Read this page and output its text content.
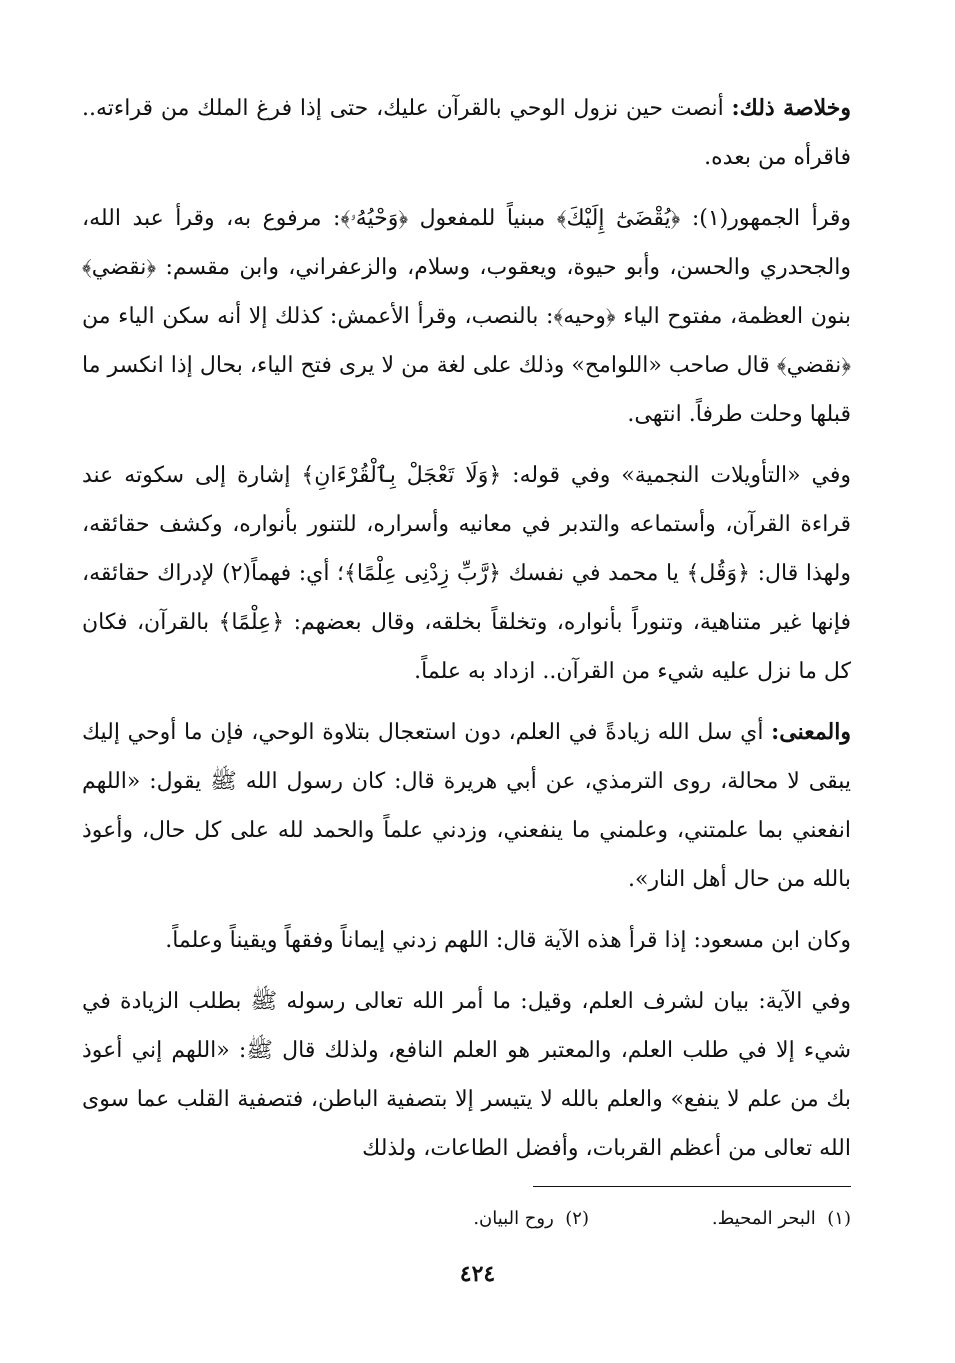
وخلاصة ذلك: أنصت حين نزول الوحي بالقرآن عليك، حتى إذا فرغ الملك من قراءته.. فاقرأه من بعده.

وقرأ الجمهور(١): ﴿يُقْضَىٰٓ إِلَيْكَ﴾ مبنياً للمفعول ﴿وَحْيُهُۥ﴾: مرفوع به، وقرأ عبد الله، والجحدري والحسن، وأبو حيوة، ويعقوب، وسلام، والزعفراني، وابن مقسم: ﴿نقضي﴾ بنون العظمة، مفتوح الياء ﴿وحيه﴾: بالنصب، وقرأ الأعمش: كذلك إلا أنه سكن الياء من ﴿نقضي﴾ قال صاحب «اللوامح» وذلك على لغة من لا يرى فتح الياء، بحال إذا انكسر ما قبلها وحلت طرفاً. انتهى.

وفي «التأويلات النجمية» وفي قوله: ﴿وَلَا تَعْجَلْ بِٱلْقُرْءَانِ﴾ إشارة إلى سكوته عند قراءة القرآن، وأستماعه والتدبر في معانيه وأسراره، للتنور بأنواره، وكشف حقائقه، ولهذا قال: ﴿وَقُل﴾ يا محمد في نفسك ﴿رَّبِّ زِدْنِى عِلْمًا﴾؛ أي: فهماً(٢) لإدراك حقائقه، فإنها غير متناهية، وتنوراً بأنواره، وتخلقاً بخلقه، وقال بعضهم: ﴿عِلْمًا﴾ بالقرآن، فكان كل ما نزل عليه شيء من القرآن.. ازداد به علماً.

والمعنى: أي سل الله زيادةً في العلم، دون استعجال بتلاوة الوحي، فإن ما أوحي إليك يبقى لا محالة، روى الترمذي، عن أبي هريرة قال: كان رسول الله ﷺ يقول: «اللهم انفعني بما علمتني، وعلمني ما ينفعني، وزدني علماً والحمد لله على كل حال، وأعوذ بالله من حال أهل النار».

وكان ابن مسعود: إذا قرأ هذه الآية قال: اللهم زدني إيماناً وفقهاً ويقيناً وعلماً.

وفي الآية: بيان لشرف العلم، وقيل: ما أمر الله تعالى رسوله ﷺ بطلب الزيادة في شيء إلا في طلب العلم، والمعتبر هو العلم النافع، ولذلك قال ﷺ: «اللهم إني أعوذ بك من علم لا ينفع» والعلم بالله لا يتيسر إلا بتصفية الباطن، فتصفية القلب عما سوى الله تعالى من أعظم القربات، وأفضل الطاعات، ولذلك

(١)  البحر المحيط.
(٢)  روح البيان.
٤٢٤
